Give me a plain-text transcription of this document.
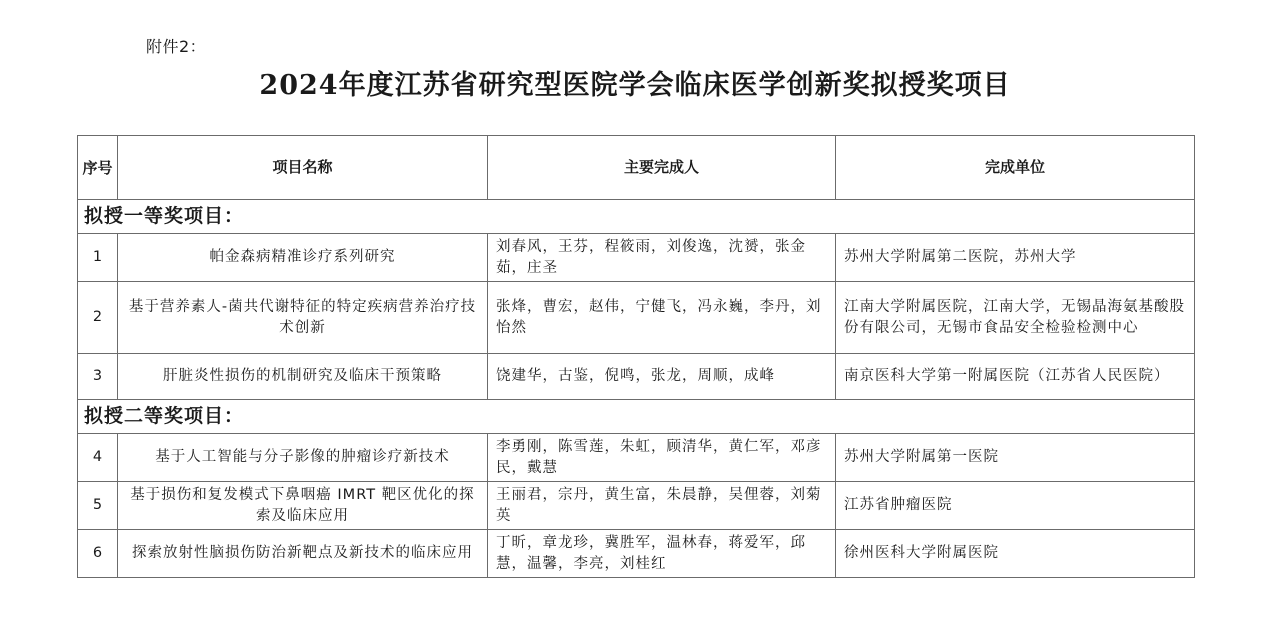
附件2：
2024年度江苏省研究型医院学会临床医学创新奖拟授奖项目
序号	项目名称	主要完成人	完成单位
拟授一等奖项目：			
1	帕金森病精准诊疗系列研究	刘春风，王芬，程筱雨，刘俊逸，沈赟，张金茹，庄圣	苏州大学附属第二医院，苏州大学
2	基于营养素人-菌共代谢特征的特定疾病营养治疗技术创新	张烽，曹宏，赵伟，宁健飞，冯永巍，李丹，刘怡然	江南大学附属医院，江南大学，无锡晶海氨基酸股份有限公司，无锡市食品安全检验检测中心
3	肝脏炎性损伤的机制研究及临床干预策略	饶建华，古鉴，倪鸣，张龙，周顺，成峰	南京医科大学第一附属医院（江苏省人民医院）
拟授二等奖项目：			
4	基于人工智能与分子影像的肿瘤诊疗新技术	李勇刚，陈雪莲，朱虹，顾清华，黄仁军，邓彦民，戴慧	苏州大学附属第一医院
5	基于损伤和复发模式下鼻咽癌 IMRT 靶区优化的探索及临床应用	王丽君，宗丹，黄生富，朱晨静，吴俚蓉，刘菊英	江苏省肿瘤医院
6	探索放射性脑损伤防治新靶点及新技术的临床应用	丁昕，章龙珍，冀胜军，温林春，蒋爱军，邱慧，温馨，李亮，刘桂红	徐州医科大学附属医院
